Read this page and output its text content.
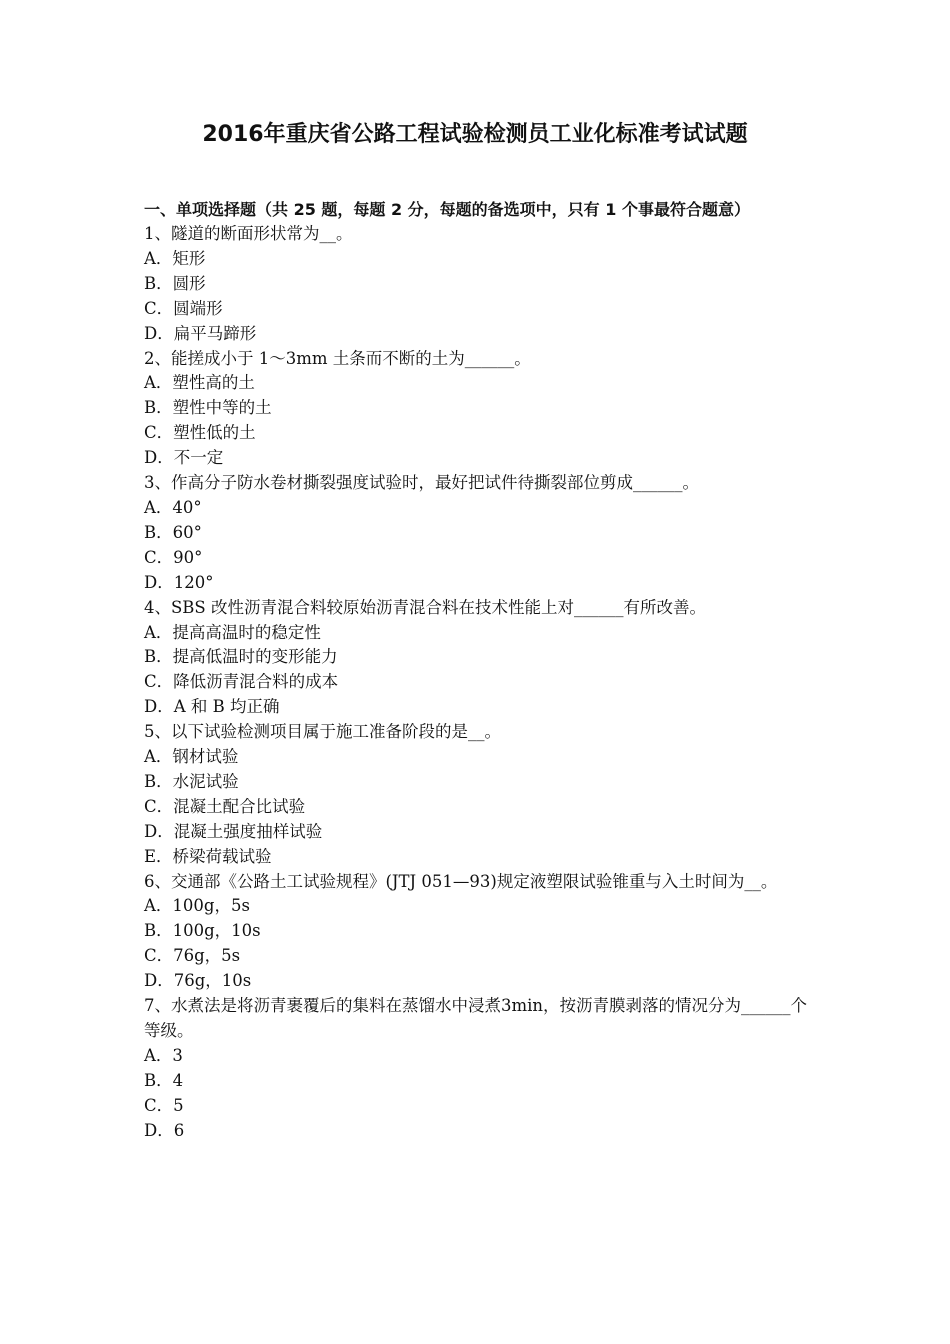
2016年重庆省公路工程试验检测员工业化标准考试试题

一、单项选择题（共 25 题，每题 2 分，每题的备选项中，只有 1 个事最符合题意）

1、隧道的断面形状常为__。

A．矩形

B．圆形

C．圆端形

D．扁平马蹄形

2、能搓成小于 1～3mm 土条而不断的土为______。

A．塑性高的土

B．塑性中等的土

C．塑性低的土

D．不一定

3、作高分子防水卷材撕裂强度试验时，最好把试件待撕裂部位剪成______。

A．40°

B．60°

C．90°

D．120°

4、SBS 改性沥青混合料较原始沥青混合料在技术性能上对______有所改善。

A．提高高温时的稳定性

B．提高低温时的变形能力

C．降低沥青混合料的成本

D．A 和 B 均正确

5、以下试验检测项目属于施工准备阶段的是__。

A．钢材试验

B．水泥试验

C．混凝土配合比试验

D．混凝土强度抽样试验

E．桥梁荷载试验

6、交通部《公路土工试验规程》(JTJ 051—93)规定液塑限试验锥重与入土时间为__。

A．100g，5s

B．100g，10s

C．76g，5s

D．76g，10s

7、水煮法是将沥青裹覆后的集料在蒸馏水中浸煮3min，按沥青膜剥落的情况分为______个等级。

A．3

B．4

C．5

D．6
